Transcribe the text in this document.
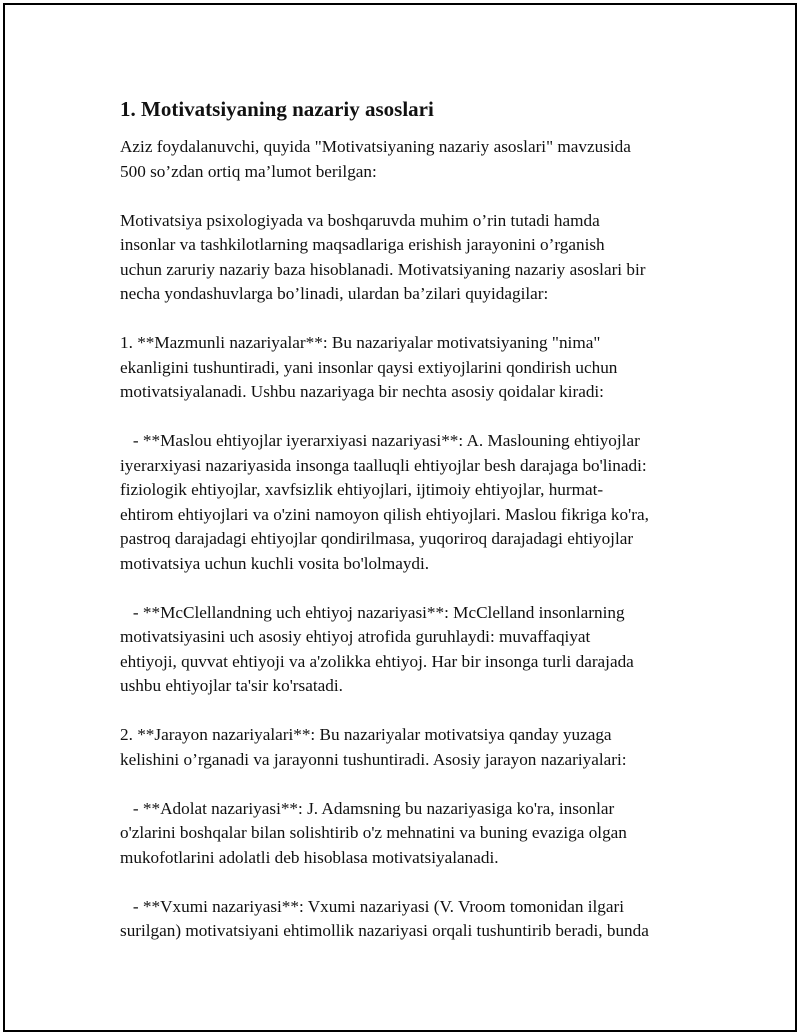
1. Motivatsiyaning nazariy asoslari
Aziz foydalanuvchi, quyida "Motivatsiyaning nazariy asoslari" mavzusida
500 so’zdan ortiq ma’lumot berilgan:
Motivatsiya psixologiyada va boshqaruvda muhim o’rin tutadi hamda
insonlar va tashkilotlarning maqsadlariga erishish jarayonini o’rganish
uchun zaruriy nazariy baza hisoblanadi. Motivatsiyaning nazariy asoslari bir
necha yondashuvlarga bo’linadi, ulardan ba’zilari quyidagilar:
1. **Mazmunli nazariyalar**: Bu nazariyalar motivatsiyaning "nima"
ekanligini tushuntiradi, yani insonlar qaysi extiyojlarini qondirish uchun
motivatsiyalanadi. Ushbu nazariyaga bir nechta asosiy qoidalar kiradi:
- **Maslou ehtiyojlar iyerarxiyasi nazariyasi**: A. Maslouning ehtiyojlar
iyerarxiyasi nazariyasida insonga taalluqli ehtiyojlar besh darajaga bo'linadi:
fiziologik ehtiyojlar, xavfsizlik ehtiyojlari, ijtimoiy ehtiyojlar, hurmat-
ehtirom ehtiyojlari va o'zini namoyon qilish ehtiyojlari. Maslou fikriga ko'ra,
pastroq darajadagi ehtiyojlar qondirilmasa, yuqoriroq darajadagi ehtiyojlar
motivatsiya uchun kuchli vosita bo'lolmaydi.
- **McClellandning uch ehtiyoj nazariyasi**: McClelland insonlarning
motivatsiyasini uch asosiy ehtiyoj atrofida guruhlaydi: muvaffaqiyat
ehtiyoji, quvvat ehtiyoji va a'zolikka ehtiyoj. Har bir insonga turli darajada
ushbu ehtiyojlar ta'sir ko'rsatadi.
2. **Jarayon nazariyalari**: Bu nazariyalar motivatsiya qanday yuzaga
kelishini o’rganadi va jarayonni tushuntiradi. Asosiy jarayon nazariyalari:
- **Adolat nazariyasi**: J. Adamsning bu nazariyasiga ko'ra, insonlar
o'zlarini boshqalar bilan solishtirib o'z mehnatini va buning evaziga olgan
mukofotlarini adolatli deb hisoblasa motivatsiyalanadi.
- **Vxumi nazariyasi**: Vxumi nazariyasi (V. Vroom tomonidan ilgari
surilgan) motivatsiyani ehtimollik nazariyasi orqali tushuntirib beradi, bunda
